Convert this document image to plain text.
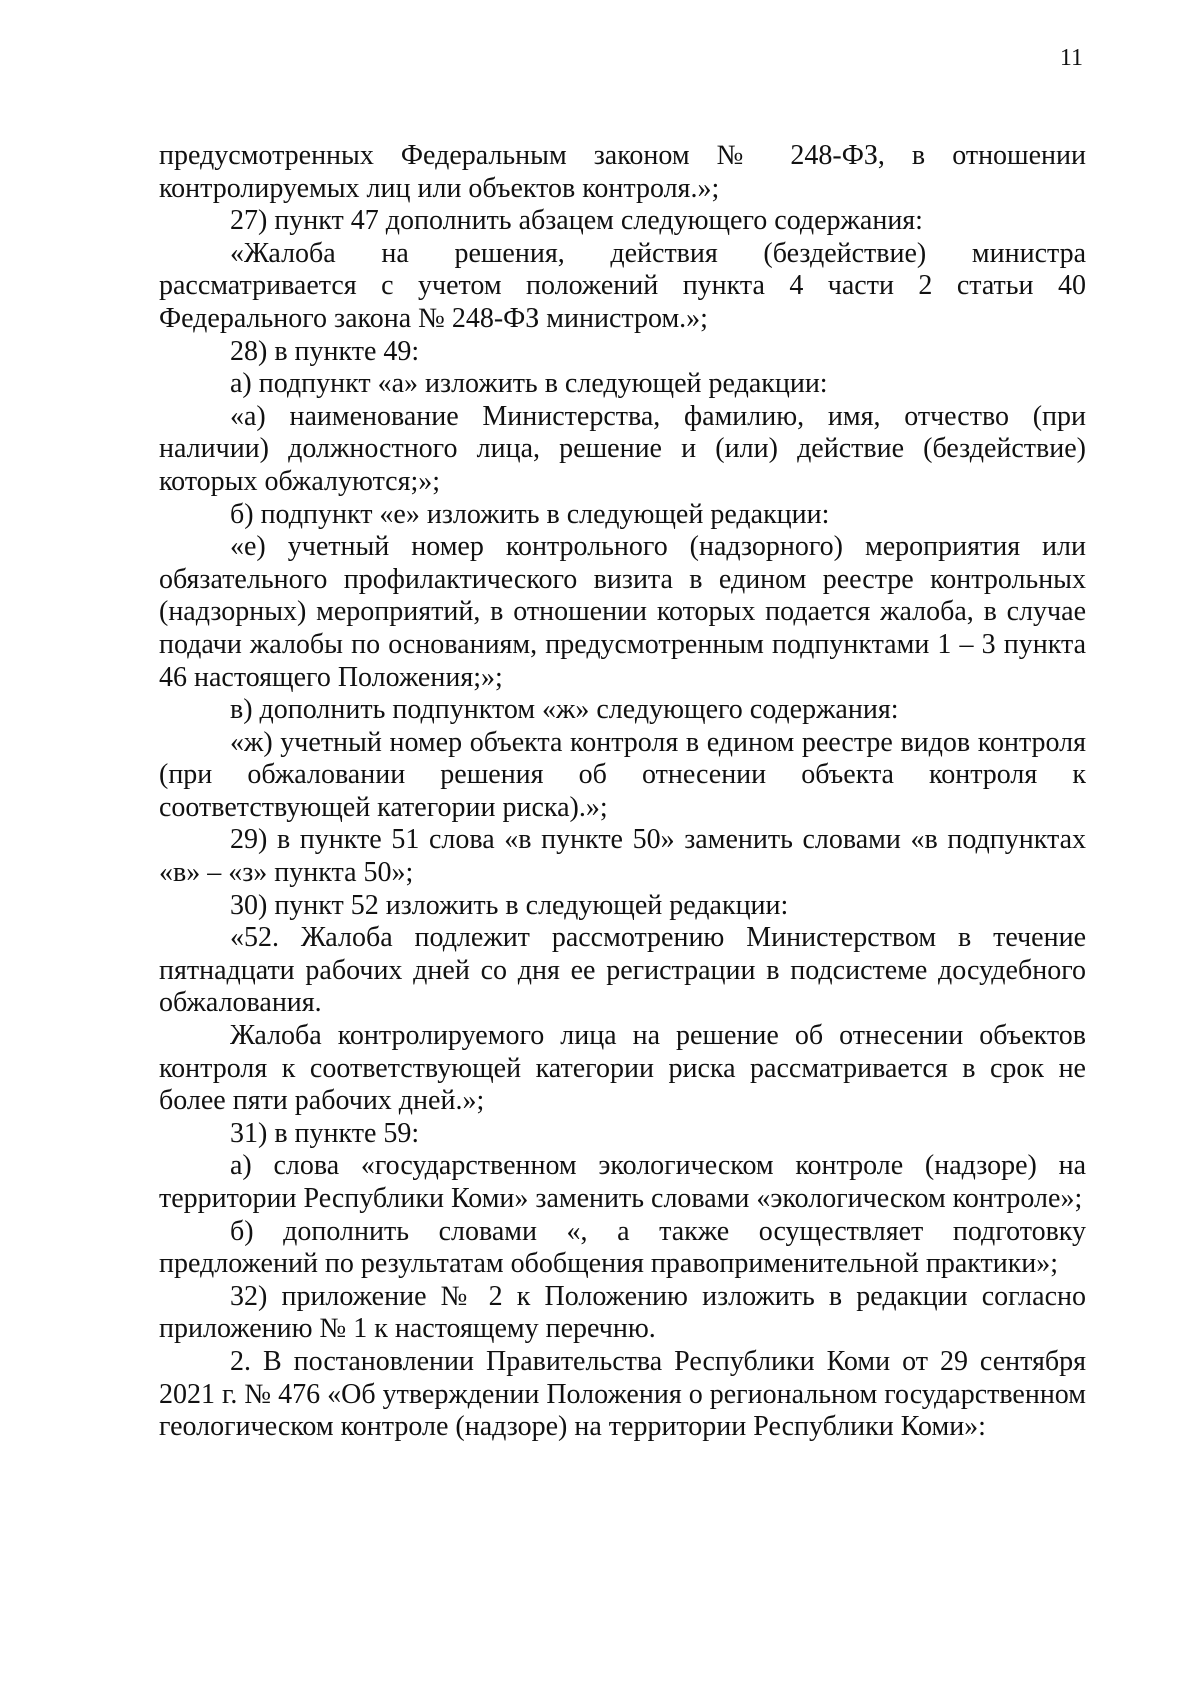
11

предусмотренных Федеральным законом № 248-ФЗ, в отношении контролируемых лиц или объектов контроля.»;

27) пункт 47 дополнить абзацем следующего содержания:

«Жалоба на решения, действия (бездействие) министра рассматривается с учетом положений пункта 4 части 2 статьи 40 Федерального закона № 248-ФЗ министром.»;

28) в пункте 49:

а) подпункт «а» изложить в следующей редакции:

«а) наименование Министерства, фамилию, имя, отчество (при наличии) должностного лица, решение и (или) действие (бездействие) которых обжалуются;»;

б) подпункт «е» изложить в следующей редакции:

«е) учетный номер контрольного (надзорного) мероприятия или обязательного профилактического визита в едином реестре контрольных (надзорных) мероприятий, в отношении которых подается жалоба, в случае подачи жалобы по основаниям, предусмотренным подпунктами 1 – 3 пункта 46 настоящего Положения;»;

в) дополнить подпунктом «ж» следующего содержания:

«ж) учетный номер объекта контроля в едином реестре видов контроля (при обжаловании решения об отнесении объекта контроля к соответствующей категории риска).»;

29) в пункте 51 слова «в пункте 50» заменить словами «в подпунктах «в» – «з» пункта 50»;

30) пункт 52 изложить в следующей редакции:

«52. Жалоба подлежит рассмотрению Министерством в течение пятнадцати рабочих дней со дня ее регистрации в подсистеме досудебного обжалования.

Жалоба контролируемого лица на решение об отнесении объектов контроля к соответствующей категории риска рассматривается в срок не более пяти рабочих дней.»;

31) в пункте 59:

а) слова «государственном экологическом контроле (надзоре) на территории Республики Коми» заменить словами «экологическом контроле»;

б) дополнить словами «, а также осуществляет подготовку предложений по результатам обобщения правоприменительной практики»;

32) приложение № 2 к Положению изложить в редакции согласно приложению № 1 к настоящему перечню.

2. В постановлении Правительства Республики Коми от 29 сентября 2021 г. № 476 «Об утверждении Положения о региональном государственном геологическом контроле (надзоре) на территории Республики Коми»:
